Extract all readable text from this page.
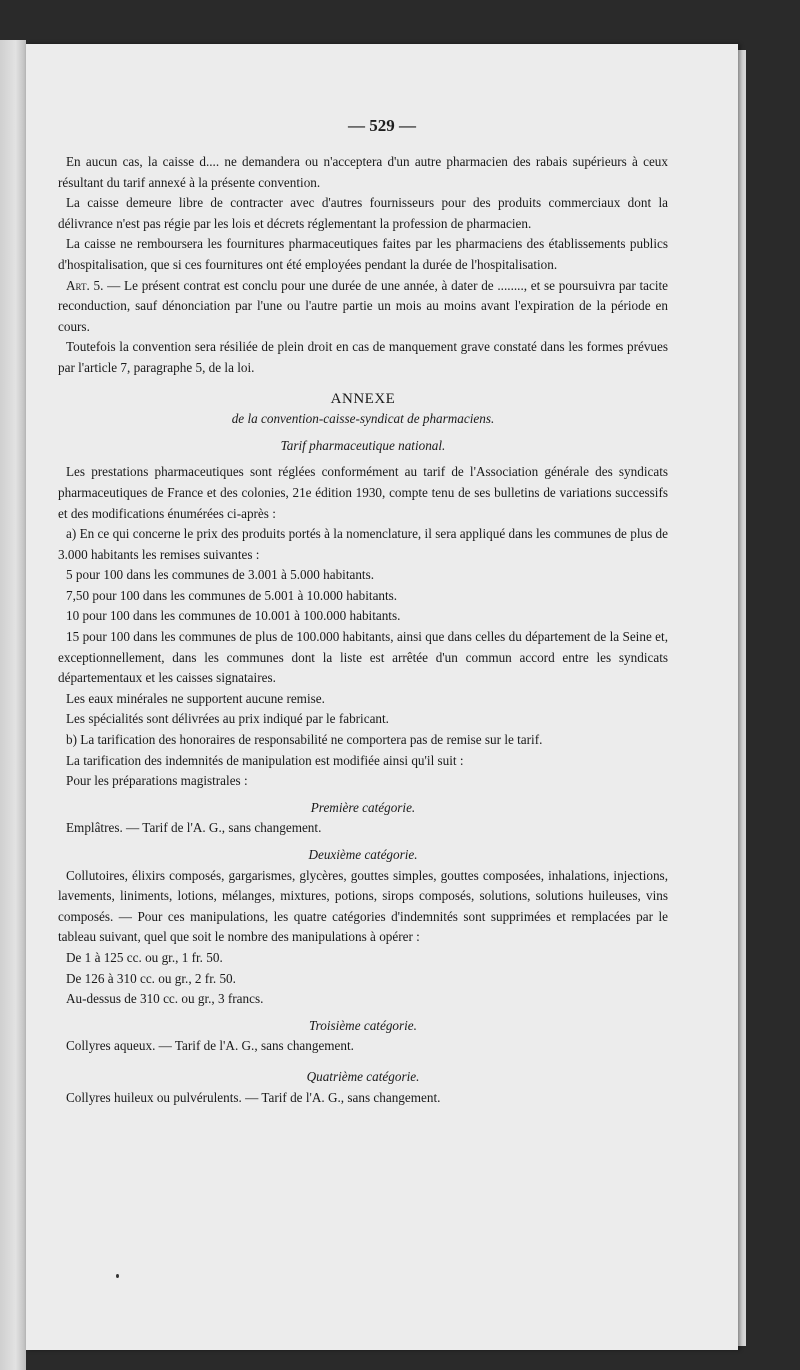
— 529 —

En aucun cas, la caisse d.... ne demandera ou n'acceptera d'un autre pharmacien des rabais supérieurs à ceux résultant du tarif annexé à la présente convention.

La caisse demeure libre de contracter avec d'autres fournisseurs pour des produits commerciaux dont la délivrance n'est pas régie par les lois et décrets réglementant la profession de pharmacien.

La caisse ne remboursera les fournitures pharmaceutiques faites par les pharmaciens des établissements publics d'hospitalisation, que si ces fournitures ont été employées pendant la durée de l'hospitalisation.

Art. 5. — Le présent contrat est conclu pour une durée de une année, à dater de ........, et se poursuivra par tacite reconduction, sauf dénonciation par l'une ou l'autre partie un mois au moins avant l'expiration de la période en cours.

Toutefois la convention sera résiliée de plein droit en cas de manquement grave constaté dans les formes prévues par l'article 7, paragraphe 5, de la loi.

ANNEXE

de la convention-caisse-syndicat de pharmaciens.

Tarif pharmaceutique national.

Les prestations pharmaceutiques sont réglées conformément au tarif de l'Association générale des syndicats pharmaceutiques de France et des colonies, 21e édition 1930, compte tenu de ses bulletins de variations successifs et des modifications énumérées ci-après :

a) En ce qui concerne le prix des produits portés à la nomenclature, il sera appliqué dans les communes de plus de 3.000 habitants les remises suivantes :

5 pour 100 dans les communes de 3.001 à 5.000 habitants.

7,50 pour 100 dans les communes de 5.001 à 10.000 habitants.

10 pour 100 dans les communes de 10.001 à 100.000 habitants.

15 pour 100 dans les communes de plus de 100.000 habitants, ainsi que dans celles du département de la Seine et, exceptionnellement, dans les communes dont la liste est arrêtée d'un commun accord entre les syndicats départementaux et les caisses signataires.

Les eaux minérales ne supportent aucune remise.

Les spécialités sont délivrées au prix indiqué par le fabricant.

b) La tarification des honoraires de responsabilité ne comportera pas de remise sur le tarif.

La tarification des indemnités de manipulation est modifiée ainsi qu'il suit :

Pour les préparations magistrales :

Première catégorie.

Emplâtres. — Tarif de l'A. G., sans changement.

Deuxième catégorie.

Collutoires, élixirs composés, gargarismes, glycères, gouttes simples, gouttes composées, inhalations, injections, lavements, liniments, lotions, mélanges, mixtures, potions, sirops composés, solutions, solutions huileuses, vins composés. — Pour ces manipulations, les quatre catégories d'indemnités sont supprimées et remplacées par le tableau suivant, quel que soit le nombre des manipulations à opérer :

De 1 à 125 cc. ou gr., 1 fr. 50.

De 126 à 310 cc. ou gr., 2 fr. 50.

Au-dessus de 310 cc. ou gr., 3 francs.

Troisième catégorie.

Collyres aqueux. — Tarif de l'A. G., sans changement.

Quatrième catégorie.

Collyres huileux ou pulvérulents. — Tarif de l'A. G., sans changement.
